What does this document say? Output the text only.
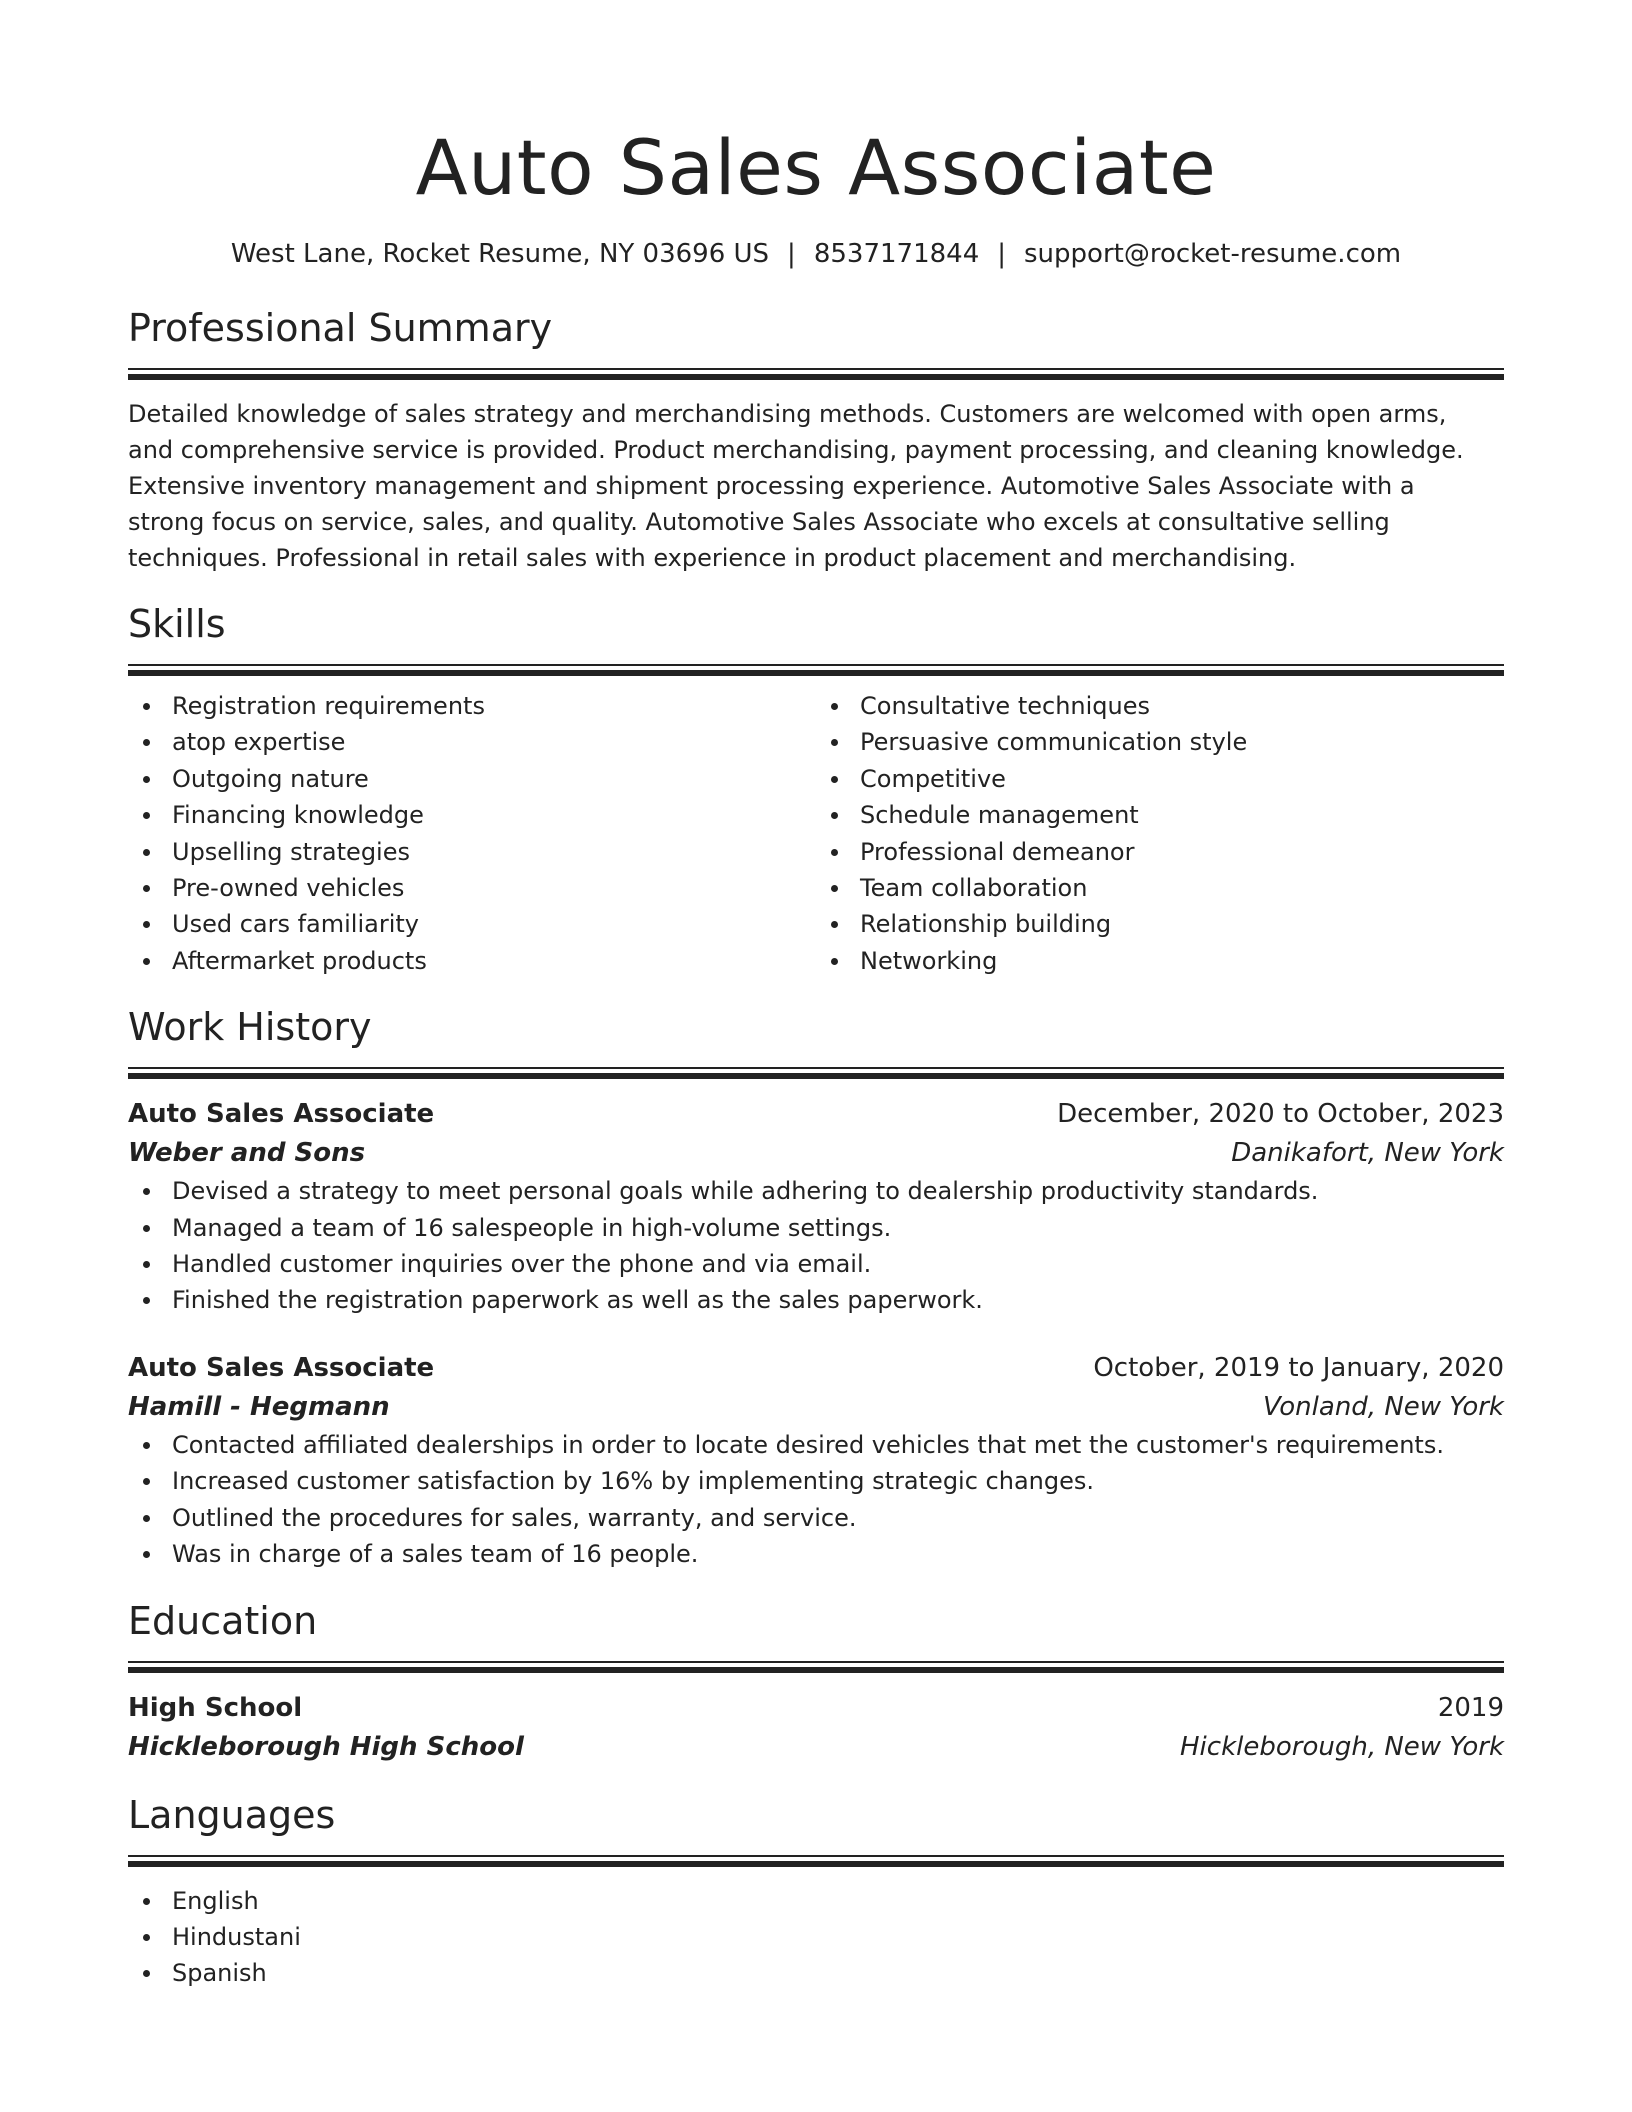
Auto Sales Associate
West Lane, Rocket Resume, NY 03696 US | 8537171844 | support@rocket-resume.com
Professional Summary
Detailed knowledge of sales strategy and merchandising methods. Customers are welcomed with open arms, and comprehensive service is provided. Product merchandising, payment processing, and cleaning knowledge. Extensive inventory management and shipment processing experience. Automotive Sales Associate with a strong focus on service, sales, and quality. Automotive Sales Associate who excels at consultative selling techniques. Professional in retail sales with experience in product placement and merchandising.
Skills
Registration requirements
atop expertise
Outgoing nature
Financing knowledge
Upselling strategies
Pre-owned vehicles
Used cars familiarity
Aftermarket products
Consultative techniques
Persuasive communication style
Competitive
Schedule management
Professional demeanor
Team collaboration
Relationship building
Networking
Work History
Auto Sales Associate	December, 2020 to October, 2023
Weber and Sons	Danikafort, New York
Devised a strategy to meet personal goals while adhering to dealership productivity standards.
Managed a team of 16 salespeople in high-volume settings.
Handled customer inquiries over the phone and via email.
Finished the registration paperwork as well as the sales paperwork.
Auto Sales Associate	October, 2019 to January, 2020
Hamill - Hegmann	Vonland, New York
Contacted affiliated dealerships in order to locate desired vehicles that met the customer's requirements.
Increased customer satisfaction by 16% by implementing strategic changes.
Outlined the procedures for sales, warranty, and service.
Was in charge of a sales team of 16 people.
Education
High School	2019
Hickleborough High School	Hickleborough, New York
Languages
English
Hindustani
Spanish
